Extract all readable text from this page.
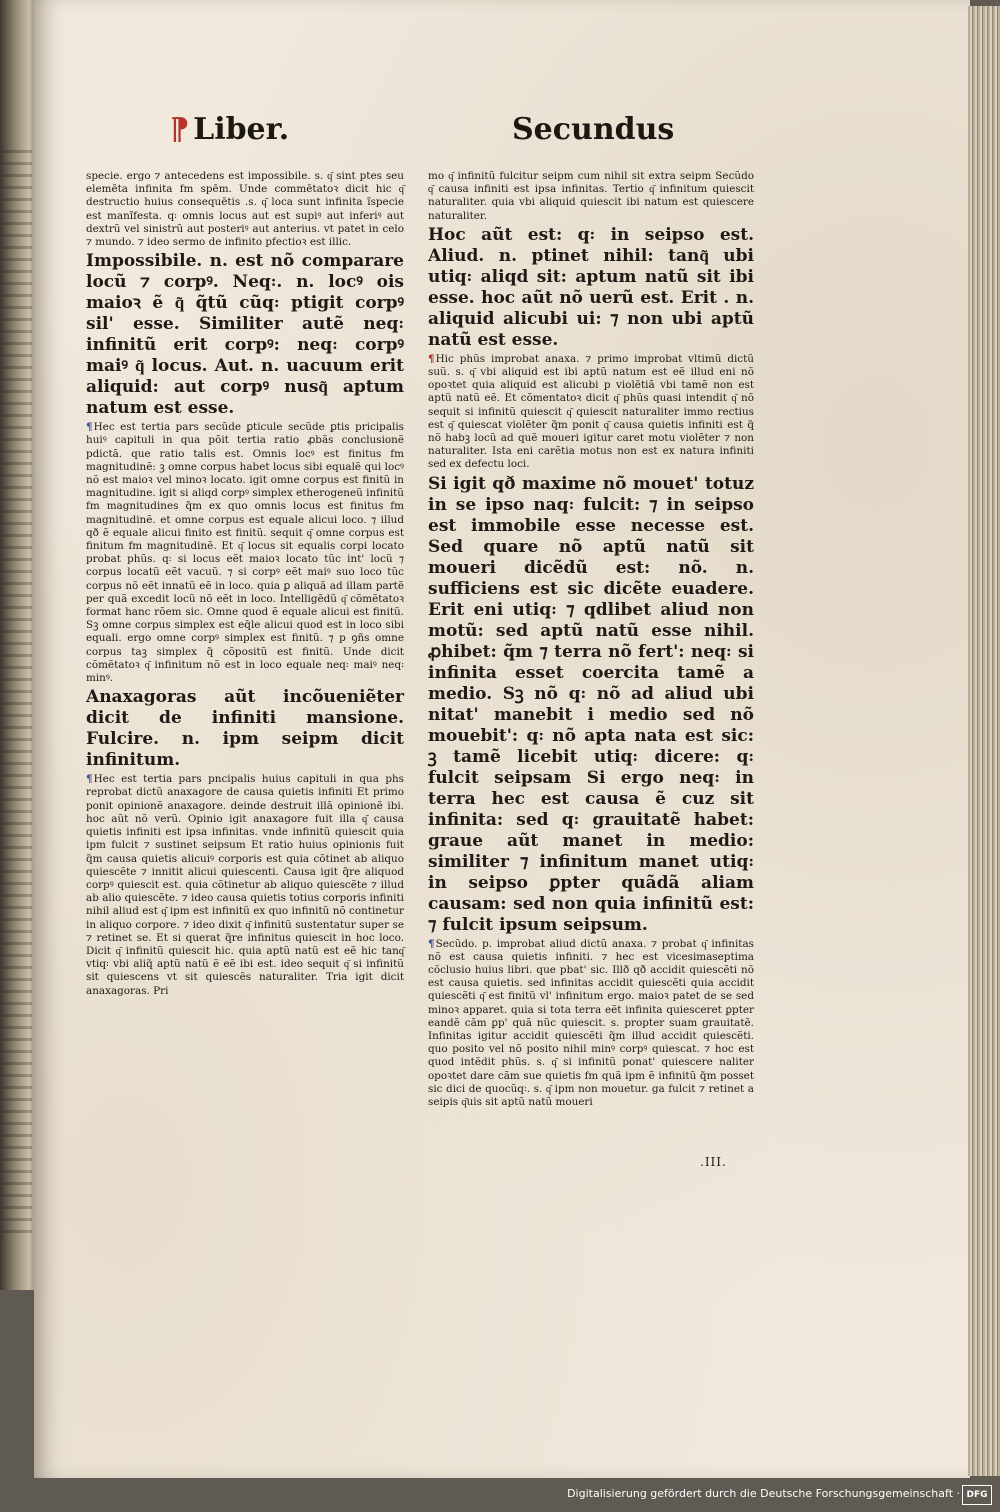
⁋ Liber.	Secundus

specie. ergo ⁊ antecedens est impossibile. s. q͂ sint ptes seu elemēta infinita fm spēm. Unde commētatoꝛ dicit hic q͂ destructio huius consequētis .s. q͂ loca sunt infinita ĩspecie est manĩfesta. q꞉ omnis locus aut est supiꝰ aut inferiꝰ aut dextrũ vel sinistrũ aut posteriꝰ aut anterius. vt patet in celo ⁊ mundo. ⁊ ideo sermo de infinito pfectioꝛ est illic.

Impossibile. n. est nõ comparare locũ ⁊ corpꝰ. Neq꞉. n. locꝰ ois maioꝛ ẽ q͂ q̃tũ cũq꞉ ptigit corpꝰ sil' esse. Similiter autẽ neq꞉ infinitũ erit corpꝰ: neq꞉ corpꝰ maiꝰ q͂ locus. Aut. n. uacuum erit aliquid: aut corpꝰ nusq͂ aptum natum est esse.

¶Hec est tertia pars secũde ꝑticule secũde ꝑtis pricipalis huiꝰ capituli in qua põit tertia ratio ꝓbãs conclusionẽ pdictã. que ratio talis est. Omnis locꝰ est finitus fm magnitudinẽ: ꝫ omne corpus habet locus sibi equalẽ qui locꝰ nõ est maioꝛ vel minoꝛ locato. igit omne corpus est finitũ in magnitudine. igit si aliqd corpꝰ simplex etherogeneũ infinitũ fm magnitudines q̃m ex quo omnis locus est finitus fm magnitudinẽ. et omne corpus est equale alicui loco. ⁊ illud qð ẽ equale alicui finito est finitũ. sequit q͂ omne corpus est finitum fm magnitudinẽ. Et q͂ locus sit equalis corpi locato probat phũs. q꞉ si locus eẽt maioꝛ locato tũc int' locũ ⁊ corpus locatũ eẽt vacuũ. ⁊ si corpꝰ eẽt maiꝰ suo loco tũc corpus nõ eẽt innatũ eẽ in loco. quia ꝑ aliquã ad illam partẽ per quã excedit locũ nõ eẽt in loco. Intelligẽdũ q͂ cõmẽtatoꝛ format hanc rõem sic. Omne quod ẽ equale alicui est finitũ. Sꝫ omne corpus simplex est eq̄le alicui quod est in loco sibi equali. ergo omne corpꝰ simplex est finitũ. ⁊ p ꝯñs omne corpus taꝫ simplex q̃ cõpositũ est finitũ. Unde dicit cõmẽtatoꝛ q͂ infinitum nõ est in loco equale neq꞉ maiꝰ neq꞉ minꝰ.

Anaxagoras aũt incõueniẽter dicit de infiniti mansione. Fulcire. n. ipm seipm dicit infinitum.

¶Hec est tertia pars pncipalis huius capituli in qua phs reprobat dictũ anaxagore de causa quietis infiniti Et primo ponit opinionẽ anaxagore. deinde destruit illã opinionẽ ibi. hoc aũt nõ verũ. Opinio igit anaxagore fuit illa q͂ causa quietis infiniti est ipsa infinitas. vnde infinitũ quiescit quia ipm fulcit ⁊ sustinet seipsum Et ratio huius opinionis fuit q̃m causa quietis alicuiꝰ corporis est quia cõtinet ab aliquo quiescẽte ⁊ innitit alicui quiescenti. Causa igit q̃re aliquod corpꝰ quiescit est. quia cõtinetur ab aliquo quiescẽte ⁊ illud ab alio quiescẽte. ⁊ ideo causa quietis totius corporis infiniti nihil aliud est q͂ ipm est infinitũ ex quo infinitũ nõ continetur in aliquo corpore. ⁊ ideo dixit q͂ infinitũ sustentatur super se ⁊ retinet se. Et si querat q̃re infinitus quiescit in hoc loco. Dicit q͂ infinitũ quiescit hic. quia aptũ natũ est eẽ hic tanq͂ vtiq꞉ vbi aliq̃ aptũ natũ ẽ eẽ ibi est. ideo sequit q͂ si infinitũ sit quiescens vt sit quiescẽs naturaliter. Tria igit dicit anaxagoras. Pri

mo q͂ infinitũ fulcitur seipm cum nihil sit extra seipm Secũdo q͂ causa infiniti est ipsa infinitas. Tertio q͂ infinitum quiescit naturaliter. quia vbi aliquid quiescit ibi natum est quiescere naturaliter.

Hoc aũt est: q꞉ in seipso est. Aliud. n. ptinet nihil: tanq͂ ubi utiq꞉ aliqd sit: aptum natũ sit ibi esse. hoc aũt nõ uerũ est. Erit . n. aliquid alicubi ui: ⁊ non ubi aptũ natũ est esse.

¶Hic phũs improbat anaxa. ⁊ primo improbat vltimũ dictũ suũ. s. q͂ vbi aliquid est ibi aptũ natum est eẽ illud eni nõ opoꝛtet quia aliquid est alicubi p violẽtiã vbi tamẽ non est aptũ natũ eẽ. Et cõmentatoꝛ dicit q͂ phũs quasi intendit q͂ nõ sequit si infinitũ quiescit q͂ quiescit naturaliter immo rectius est q͂ quiescat violẽter q̃m ponit q͂ causa quietis infiniti est q̃ nõ habꝫ locũ ad quẽ moueri igitur caret motu violẽter ⁊ non naturaliter. Ista eni carẽtia motus non est ex natura infiniti sed ex defectu loci.

Si igit qð maxime nõ mouet' totuz in se ipso naq꞉ fulcit: ⁊ in seipso est immobile esse necesse est. Sed quare nõ aptũ natũ sit moueri dicẽdũ est: nõ. n. sufficiens est sic dicẽte euadere. Erit eni utiq꞉ ⁊ qdlibet aliud non motũ: sed aptũ natũ esse nihil. ꝓhibet: q̃m ⁊ terra nõ fert': neq꞉ si infinita esset coercita tamẽ a medio. Sꝫ nõ q꞉ nõ ad aliud ubi nitat' manebit i medio sed nõ mouebit': q꞉ nõ apta nata est sic: ꝫ tamẽ licebit utiq꞉ dicere: q꞉ fulcit seipsam Si ergo neq꞉ in terra hec est causa ẽ cuz sit infinita: sed q꞉ grauitatẽ habet: graue aũt manet in medio: similiter ⁊ infinitum manet utiq꞉ in seipso ꝑpter quãdã aliam causam: sed non quia infinitũ est: ⁊ fulcit ipsum seipsum.

¶Secũdo. p. improbat aliud dictũ anaxa. ⁊ probat q͂ infinitas nõ est causa quietis infiniti. ⁊ hec est vicesimaseptima cõclusio huius libri. que pbat' sic. Illð qð accidit quiescẽti nõ est causa quietis. sed infinitas accidit quiescẽti quia accidit quiescẽti q͂ est finitũ vl' infinitum ergo. maioꝛ patet de se sed minoꝛ apparet. quia si tota terra eẽt infinita quiesceret ꝑpter eandẽ cãm ꝑp' quã nũc quiescit. s. propter suam grauitatẽ. Infinitas igitur accidit quiescẽti q̃m illud accidit quiescẽti. quo posito vel nõ posito nihil minꝰ corpꝰ quiescat. ⁊ hoc est quod intẽdit phũs. s. q͂ si infinitũ ponat' quiescere naliter opoꝛtet dare cãm sue quietis fm quã ipm ẽ infinitũ q̃m posset sic dici de quocũq꞉. s. q͂ ipm non mouetur. ga fulcit ⁊ retinet a seipis q͂uis sit aptũ natũ moueri

.III.
Digitalisierung gefördert durch die Deutsche Forschungsgemeinschaft · DFG
